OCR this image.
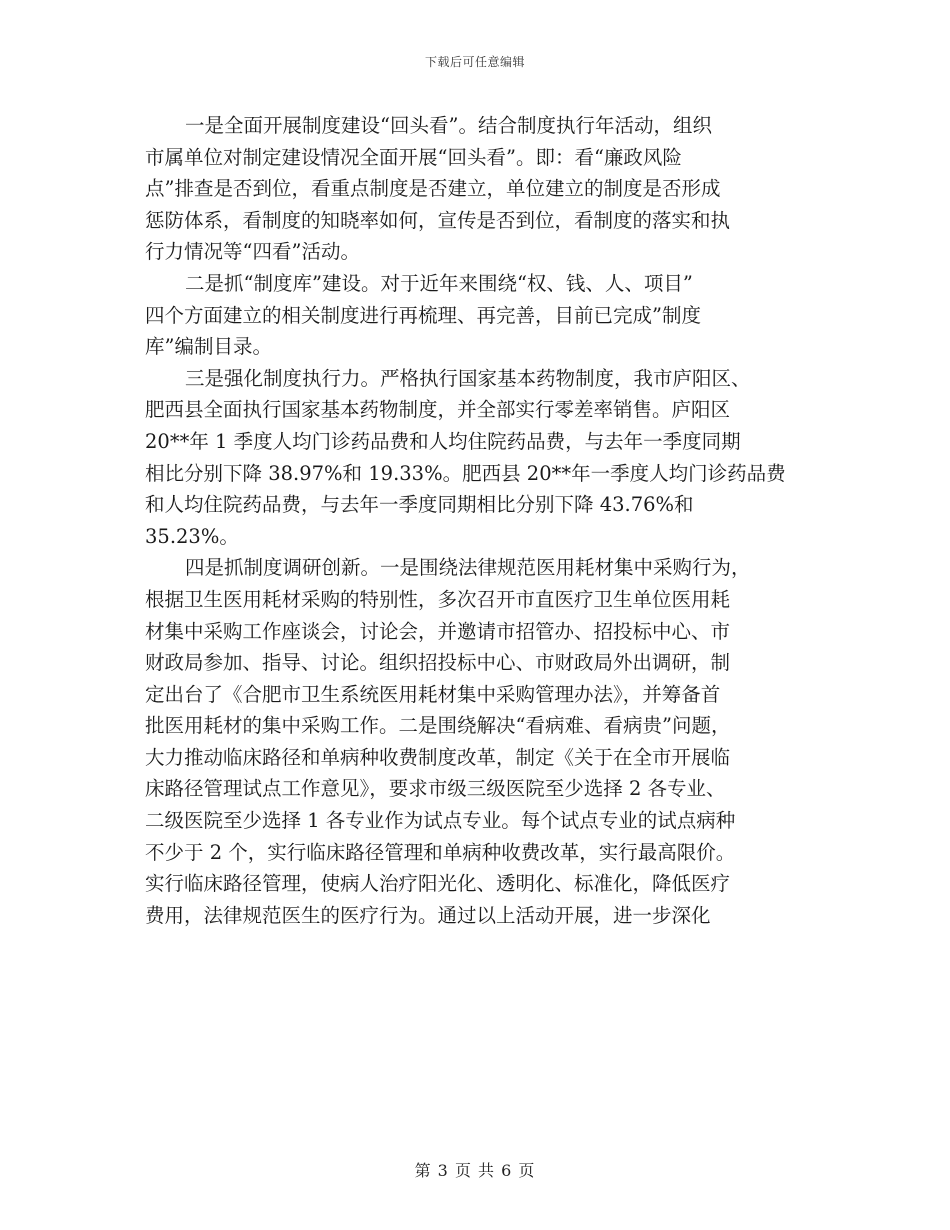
下载后可任意编辑

一是全面开展制度建设“回头看”。结合制度执行年活动，组织
市属单位对制定建设情况全面开展“回头看”。即：看“廉政风险
点”排查是否到位，看重点制度是否建立，单位建立的制度是否形成
惩防体系，看制度的知晓率如何，宣传是否到位，看制度的落实和执
行力情况等“四看”活动。

二是抓“制度库”建设。对于近年来围绕“权、钱、人、项目”
四个方面建立的相关制度进行再梳理、再完善，目前已完成”制度
库”编制目录。

三是强化制度执行力。严格执行国家基本药物制度，我市庐阳区、
肥西县全面执行国家基本药物制度，并全部实行零差率销售。庐阳区
20**年 1 季度人均门诊药品费和人均住院药品费，与去年一季度同期
相比分别下降 38.97%和 19.33%。肥西县 20**年一季度人均门诊药品费
和人均住院药品费，与去年一季度同期相比分别下降 43.76%和
35.23%。

四是抓制度调研创新。一是围绕法律规范医用耗材集中采购行为，
根据卫生医用耗材采购的特别性，多次召开市直医疗卫生单位医用耗
材集中采购工作座谈会，讨论会，并邀请市招管办、招投标中心、市
财政局参加、指导、讨论。组织招投标中心、市财政局外出调研，制
定出台了《合肥市卫生系统医用耗材集中采购管理办法》，并筹备首
批医用耗材的集中采购工作。二是围绕解决“看病难、看病贵”问题，
大力推动临床路径和单病种收费制度改革，制定《关于在全市开展临
床路径管理试点工作意见》，要求市级三级医院至少选择 2 各专业、
二级医院至少选择 1 各专业作为试点专业。每个试点专业的试点病种
不少于 2 个，实行临床路径管理和单病种收费改革，实行最高限价。
实行临床路径管理，使病人治疗阳光化、透明化、标准化，降低医疗
费用，法律规范医生的医疗行为。通过以上活动开展，进一步深化

第 3 页 共 6 页
